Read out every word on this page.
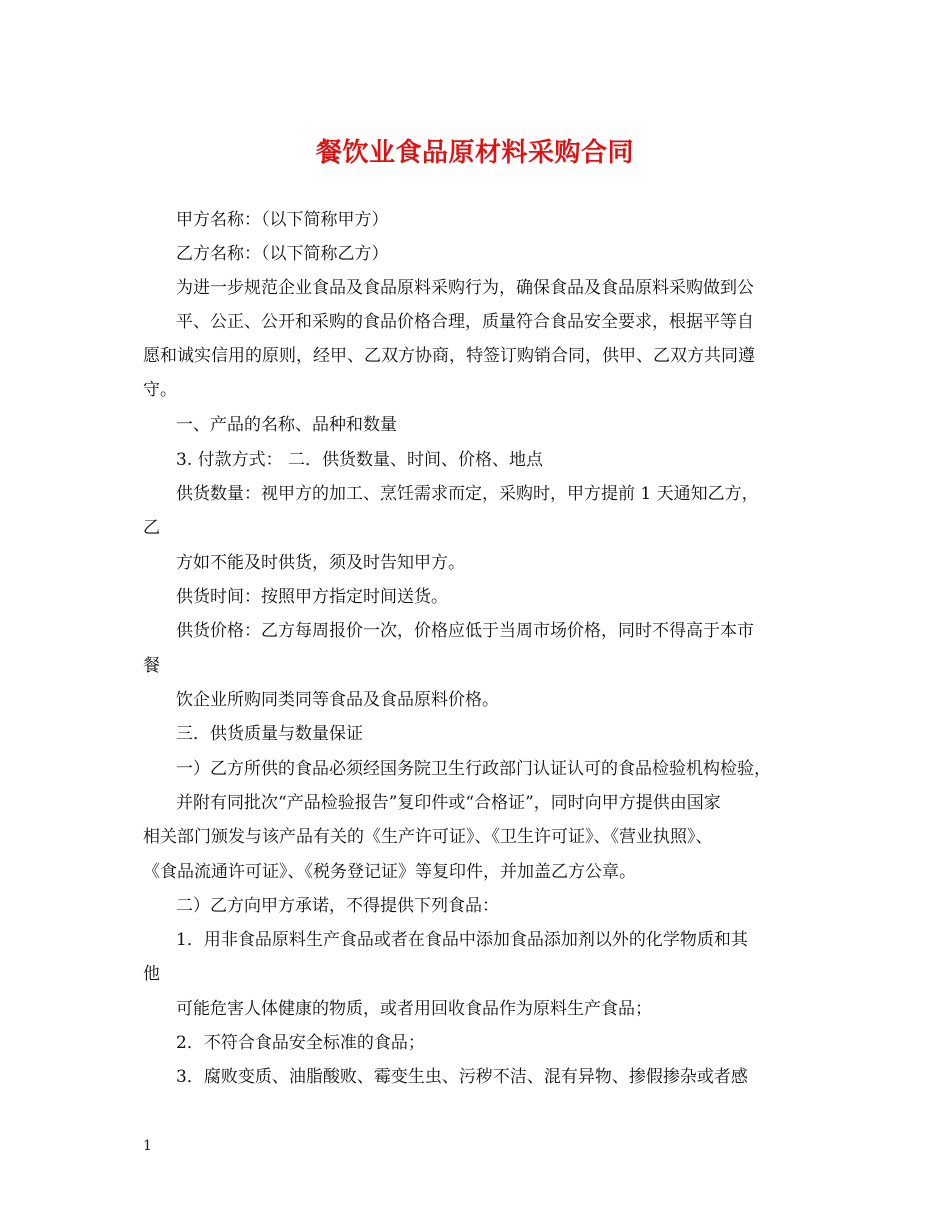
餐饮业食品原材料采购合同
甲方名称：（以下简称甲方）
乙方名称：（以下简称乙方）
为进一步规范企业食品及食品原料采购行为，确保食品及食品原料采购做到公
平、公正、公开和采购的食品价格合理，质量符合食品安全要求，根据平等自
愿和诚实信用的原则，经甲、乙双方协商，特签订购销合同，供甲、乙双方共同遵
守。
一、产品的名称、品种和数量
3. 付款方式： 二．供货数量、时间、价格、地点
供货数量：视甲方的加工、烹饪需求而定，采购时，甲方提前 1 天通知乙方，
乙
方如不能及时供货，须及时告知甲方。
供货时间：按照甲方指定时间送货。
供货价格：乙方每周报价一次，价格应低于当周市场价格，同时不得高于本市
餐
饮企业所购同类同等食品及食品原料价格。
三．供货质量与数量保证
一）乙方所供的食品必须经国务院卫生行政部门认证认可的食品检验机构检验，
并附有同批次“产品检验报告”复印件或“合格证”，同时向甲方提供由国家
相关部门颁发与该产品有关的《生产许可证》、《卫生许可证》、《营业执照》、
《食品流通许可证》、《税务登记证》等复印件，并加盖乙方公章。
二）乙方向甲方承诺，不得提供下列食品：
1．用非食品原料生产食品或者在食品中添加食品添加剂以外的化学物质和其
他
可能危害人体健康的物质，或者用回收食品作为原料生产食品；
2．不符合食品安全标准的食品；
3．腐败变质、油脂酸败、霉变生虫、污秽不洁、混有异物、掺假掺杂或者感
1
